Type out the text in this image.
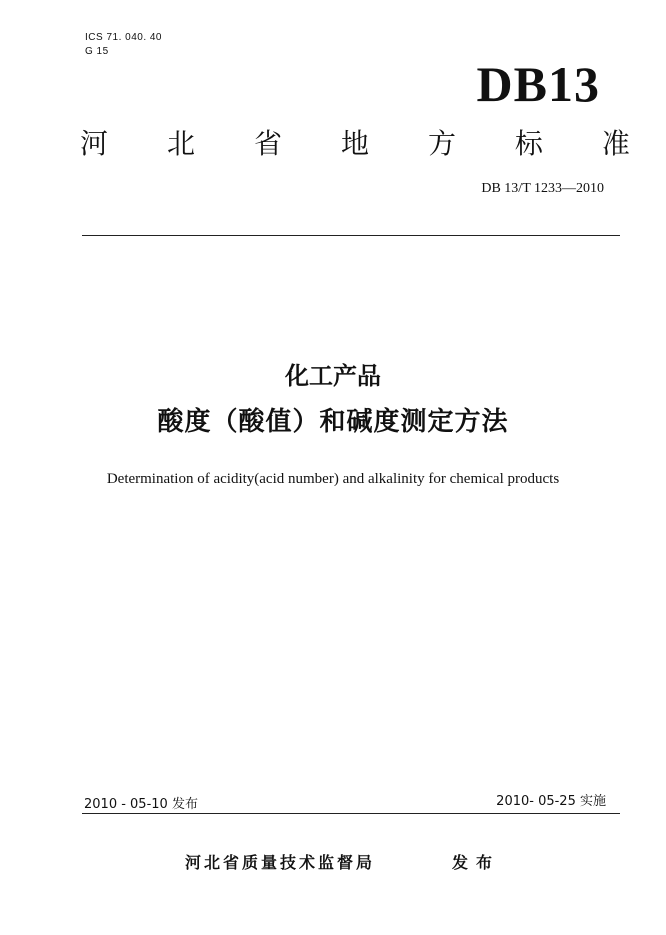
ICS 71. 040. 40
G 15
DB13
河 北 省 地 方 标 准
DB 13/T 1233—2010
化工产品
酸度（酸值）和碱度测定方法
Determination of acidity(acid number) and alkalinity for chemical products
2010 - 05-10 发布	2010- 05-25 实施
河北省质量技术监督局	发布
